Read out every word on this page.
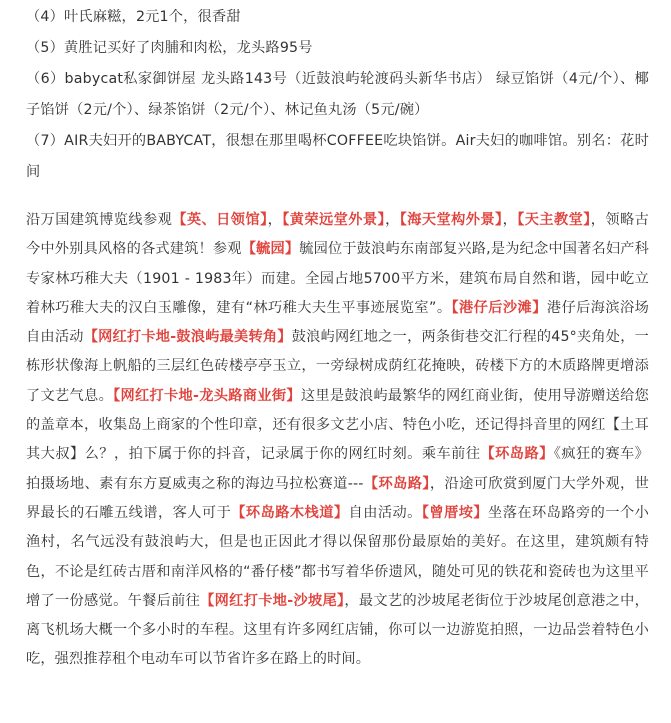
（4）叶氏麻糍，2元1个，很香甜

（5）黄胜记买好了肉脯和肉松，龙头路95号

（6）babycat私家御饼屋 龙头路143号（近鼓浪屿轮渡码头新华书店） 绿豆馅饼（4元/个）、椰子馅饼（2元/个）、绿茶馅饼（2元/个）、林记鱼丸汤（5元/碗）

（7）AIR夫妇开的BABYCAT，很想在那里喝杯COFFEE吃块馅饼。Air夫妇的咖啡馆。别名：花时间

沿万国建筑博览线参观【英、日领馆】，【黄荣远堂外景】，【海天堂构外景】，【天主教堂】，领略古今中外别具风格的各式建筑！参观【毓园】毓园位于鼓浪屿东南部复兴路,是为纪念中国著名妇产科专家林巧稚大夫（1901 - 1983年）而建。全园占地5700平方米，建筑布局自然和谐，园中屹立着林巧稚大夫的汉白玉雕像，建有“林巧稚大夫生平事迹展览室”。【港仔后沙滩】港仔后海滨浴场自由活动【网红打卡地-鼓浪屿最美转角】鼓浪屿网红地之一，两条街巷交汇行程的45°夹角处，一栋形状像海上帆船的三层红色砖楼亭亭玉立，一旁绿树成荫红花掩映，砖楼下方的木质路牌更增添了文艺气息。【网红打卡地-龙头路商业街】这里是鼓浪屿最繁华的网红商业街，使用导游赠送给您的盖章本，收集岛上商家的个性印章，还有很多文艺小店、特色小吃，还记得抖音里的网红【土耳其大叔】么？，拍下属于你的抖音，记录属于你的网红时刻。乘车前往【环岛路】《疯狂的赛车》拍摄场地、素有东方夏威夷之称的海边马拉松赛道---【环岛路】，沿途可欣赏到厦门大学外观，世界最长的石雕五线谱，客人可于【环岛路木栈道】自由活动。【曾厝垵】坐落在环岛路旁的一个小渔村，名气远没有鼓浪屿大，但是也正因此才得以保留那份最原始的美好。在这里，建筑颇有特色，不论是红砖古厝和南洋风格的“番仔楼”都书写着华侨遗风，随处可见的铁花和瓷砖也为这里平增了一份感觉。午餐后前往【网红打卡地-沙坡尾】，最文艺的沙坡尾老街位于沙坡尾创意港之中，离飞机场大概一个多小时的车程。这里有许多网红店铺，你可以一边游览拍照，一边品尝着特色小吃，强烈推荐租个电动车可以节省许多在路上的时间。
